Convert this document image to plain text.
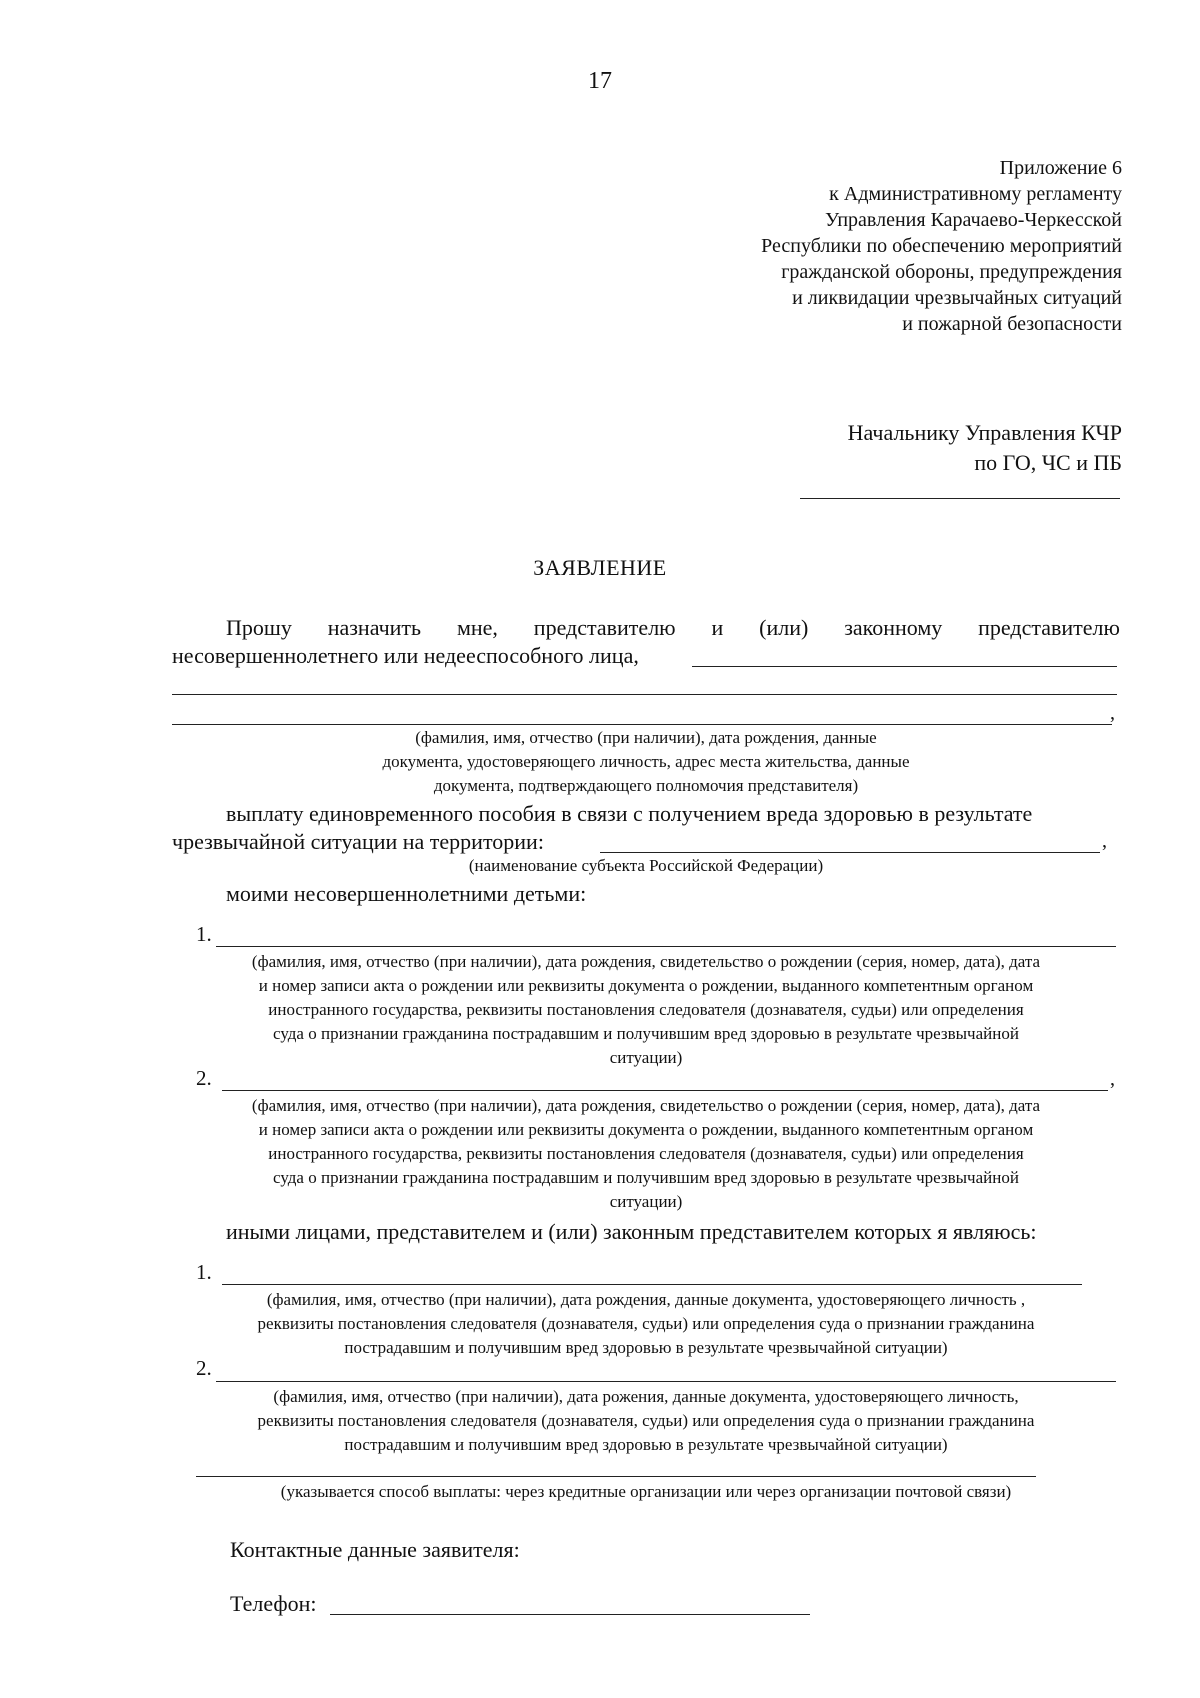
17
Приложение 6
к Административному регламенту
Управления Карачаево-Черкесской
Республики по обеспечению мероприятий
гражданской обороны, предупреждения
и ликвидации чрезвычайных ситуаций
и пожарной безопасности
Начальнику Управления КЧР
по ГО, ЧС и ПБ
ЗАЯВЛЕНИЕ
Прошу назначить мне, представителю и (или) законному представителю
несовершеннолетнего или недееспособного лица,
,
(фамилия, имя, отчество (при наличии), дата рождения, данные
документа, удостоверяющего личность, адрес места жительства, данные
документа, подтверждающего полномочия представителя)
выплату единовременного пособия в связи с получением вреда здоровью в результате
чрезвычайной ситуации на территории:	,
(наименование субъекта Российской Федерации)
моими несовершеннолетними детьми:
1.
(фамилия, имя, отчество (при наличии), дата рождения, свидетельство о рождении (серия, номер, дата), дата
и номер записи акта о рождении или реквизиты документа о рождении, выданного компетентным органом
иностранного государства, реквизиты постановления следователя (дознавателя, судьи) или определения
суда о признании гражданина пострадавшим и получившим вред здоровью в результате чрезвычайной
ситуации)
2.	,
(фамилия, имя, отчество (при наличии), дата рождения, свидетельство о рождении (серия, номер, дата), дата
и номер записи акта о рождении или реквизиты документа о рождении, выданного компетентным органом
иностранного государства, реквизиты постановления следователя (дознавателя, судьи) или определения
суда о признании гражданина пострадавшим и получившим вред здоровью в результате чрезвычайной
ситуации)
иными лицами, представителем и (или) законным представителем которых я являюсь:
1.
(фамилия, имя, отчество (при наличии), дата рождения, данные документа, удостоверяющего личность ,
реквизиты постановления следователя (дознавателя, судьи) или определения суда о признании гражданина
пострадавшим и получившим вред здоровью в результате чрезвычайной ситуации)
2.
(фамилия, имя, отчество (при наличии), дата рожения, данные документа, удостоверяющего личность,
реквизиты постановления следователя (дознавателя, судьи) или определения суда о признании гражданина
пострадавшим и получившим вред здоровью в результате чрезвычайной ситуации)
(указывается способ выплаты: через кредитные организации или через организации почтовой связи)
Контактные данные заявителя:
Телефон:
